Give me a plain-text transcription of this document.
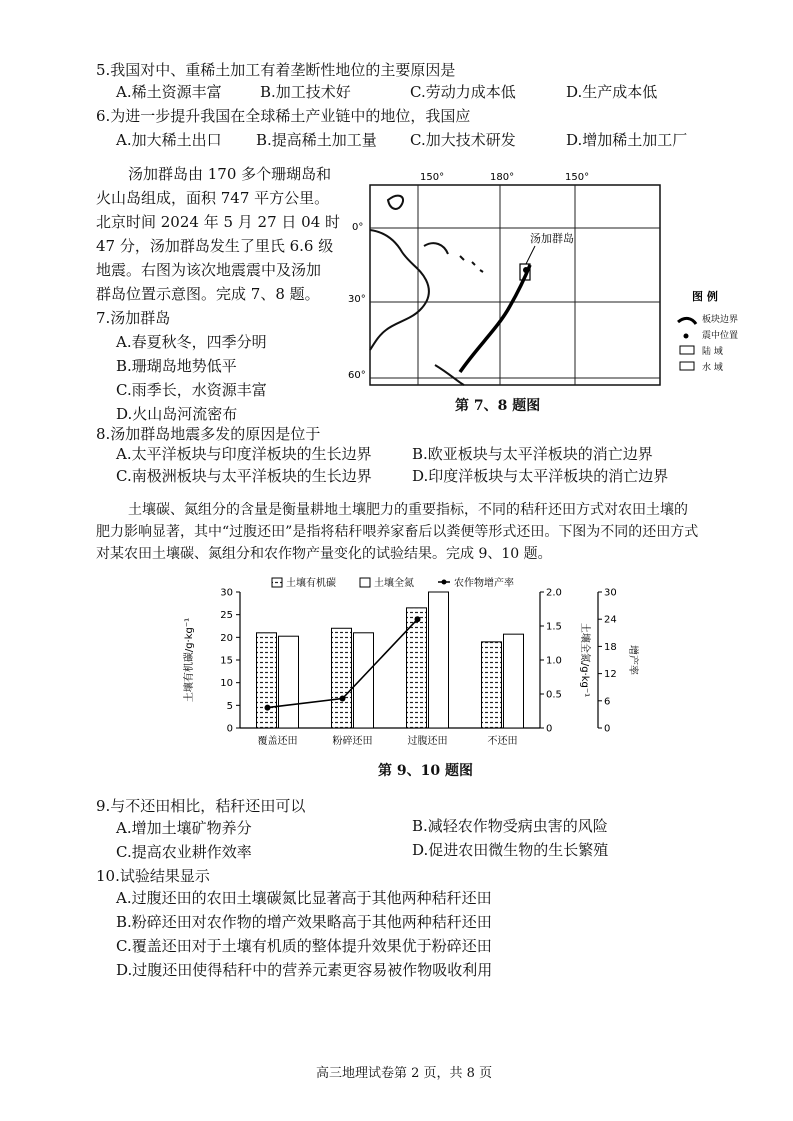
5.我国对中、重稀土加工有着垄断性地位的主要原因是
A.稀土资源丰富	B.加工技术好	C.劳动力成本低	D.生产成本低
6.为进一步提升我国在全球稀土产业链中的地位，我国应
A.加大稀土出口 B.提高稀土加工量 C.加大技术研发	D.增加稀土加工厂
汤加群岛由 170 多个珊瑚岛和
火山岛组成，面积 747 平方公里。
北京时间 2024 年 5 月 27 日 04 时
47 分，汤加群岛发生了里氏 6.6 级
地震。右图为该次地震震中及汤加
群岛位置示意图。完成 7、8 题。
7.汤加群岛
A.春夏秋冬，四季分明
B.珊瑚岛地势低平
C.雨季长，水资源丰富
D.火山岛河流密布
150°	180°	150°
0°
30°
60°
汤加群岛
图 例
板块边界
震中位置
陆 域
水 域
第 7、8 题图
8.汤加群岛地震多发的原因是位于
A.太平洋板块与印度洋板块的生长边界	B.欧亚板块与太平洋板块的消亡边界
C.南极洲板块与太平洋板块的生长边界	D.印度洋板块与太平洋板块的消亡边界
土壤碳、氮组分的含量是衡量耕地土壤肥力的重要指标，不同的秸秆还田方式对农田土壤的
肥力影响显著，其中“过腹还田”是指将秸秆喂养家畜后以粪便等形式还田。下图为不同的还田方式
对某农田土壤碳、氮组分和农作物产量变化的试验结果。完成 9、10 题。
0
5
10
15
20
25
30
0
0.5
1.0
1.5
2.0
0
6
12
18
24
30
土壤有机碳/g·kg⁻¹	土壤全氮/g·kg⁻¹	增产率
覆盖还田	粉碎还田	过腹还田	不还田
土壤有机碳	土壤全氮	农作物增产率
第 9、10 题图
9.与不还田相比，秸秆还田可以
A.增加土壤矿物养分	B.减轻农作物受病虫害的风险
C.提高农业耕作效率	D.促进农田微生物的生长繁殖
10.试验结果显示
A.过腹还田的农田土壤碳氮比显著高于其他两种秸秆还田
B.粉碎还田对农作物的增产效果略高于其他两种秸秆还田
C.覆盖还田对于土壤有机质的整体提升效果优于粉碎还田
D.过腹还田使得秸秆中的营养元素更容易被作物吸收利用
高三地理试卷第 2 页，共 8 页
